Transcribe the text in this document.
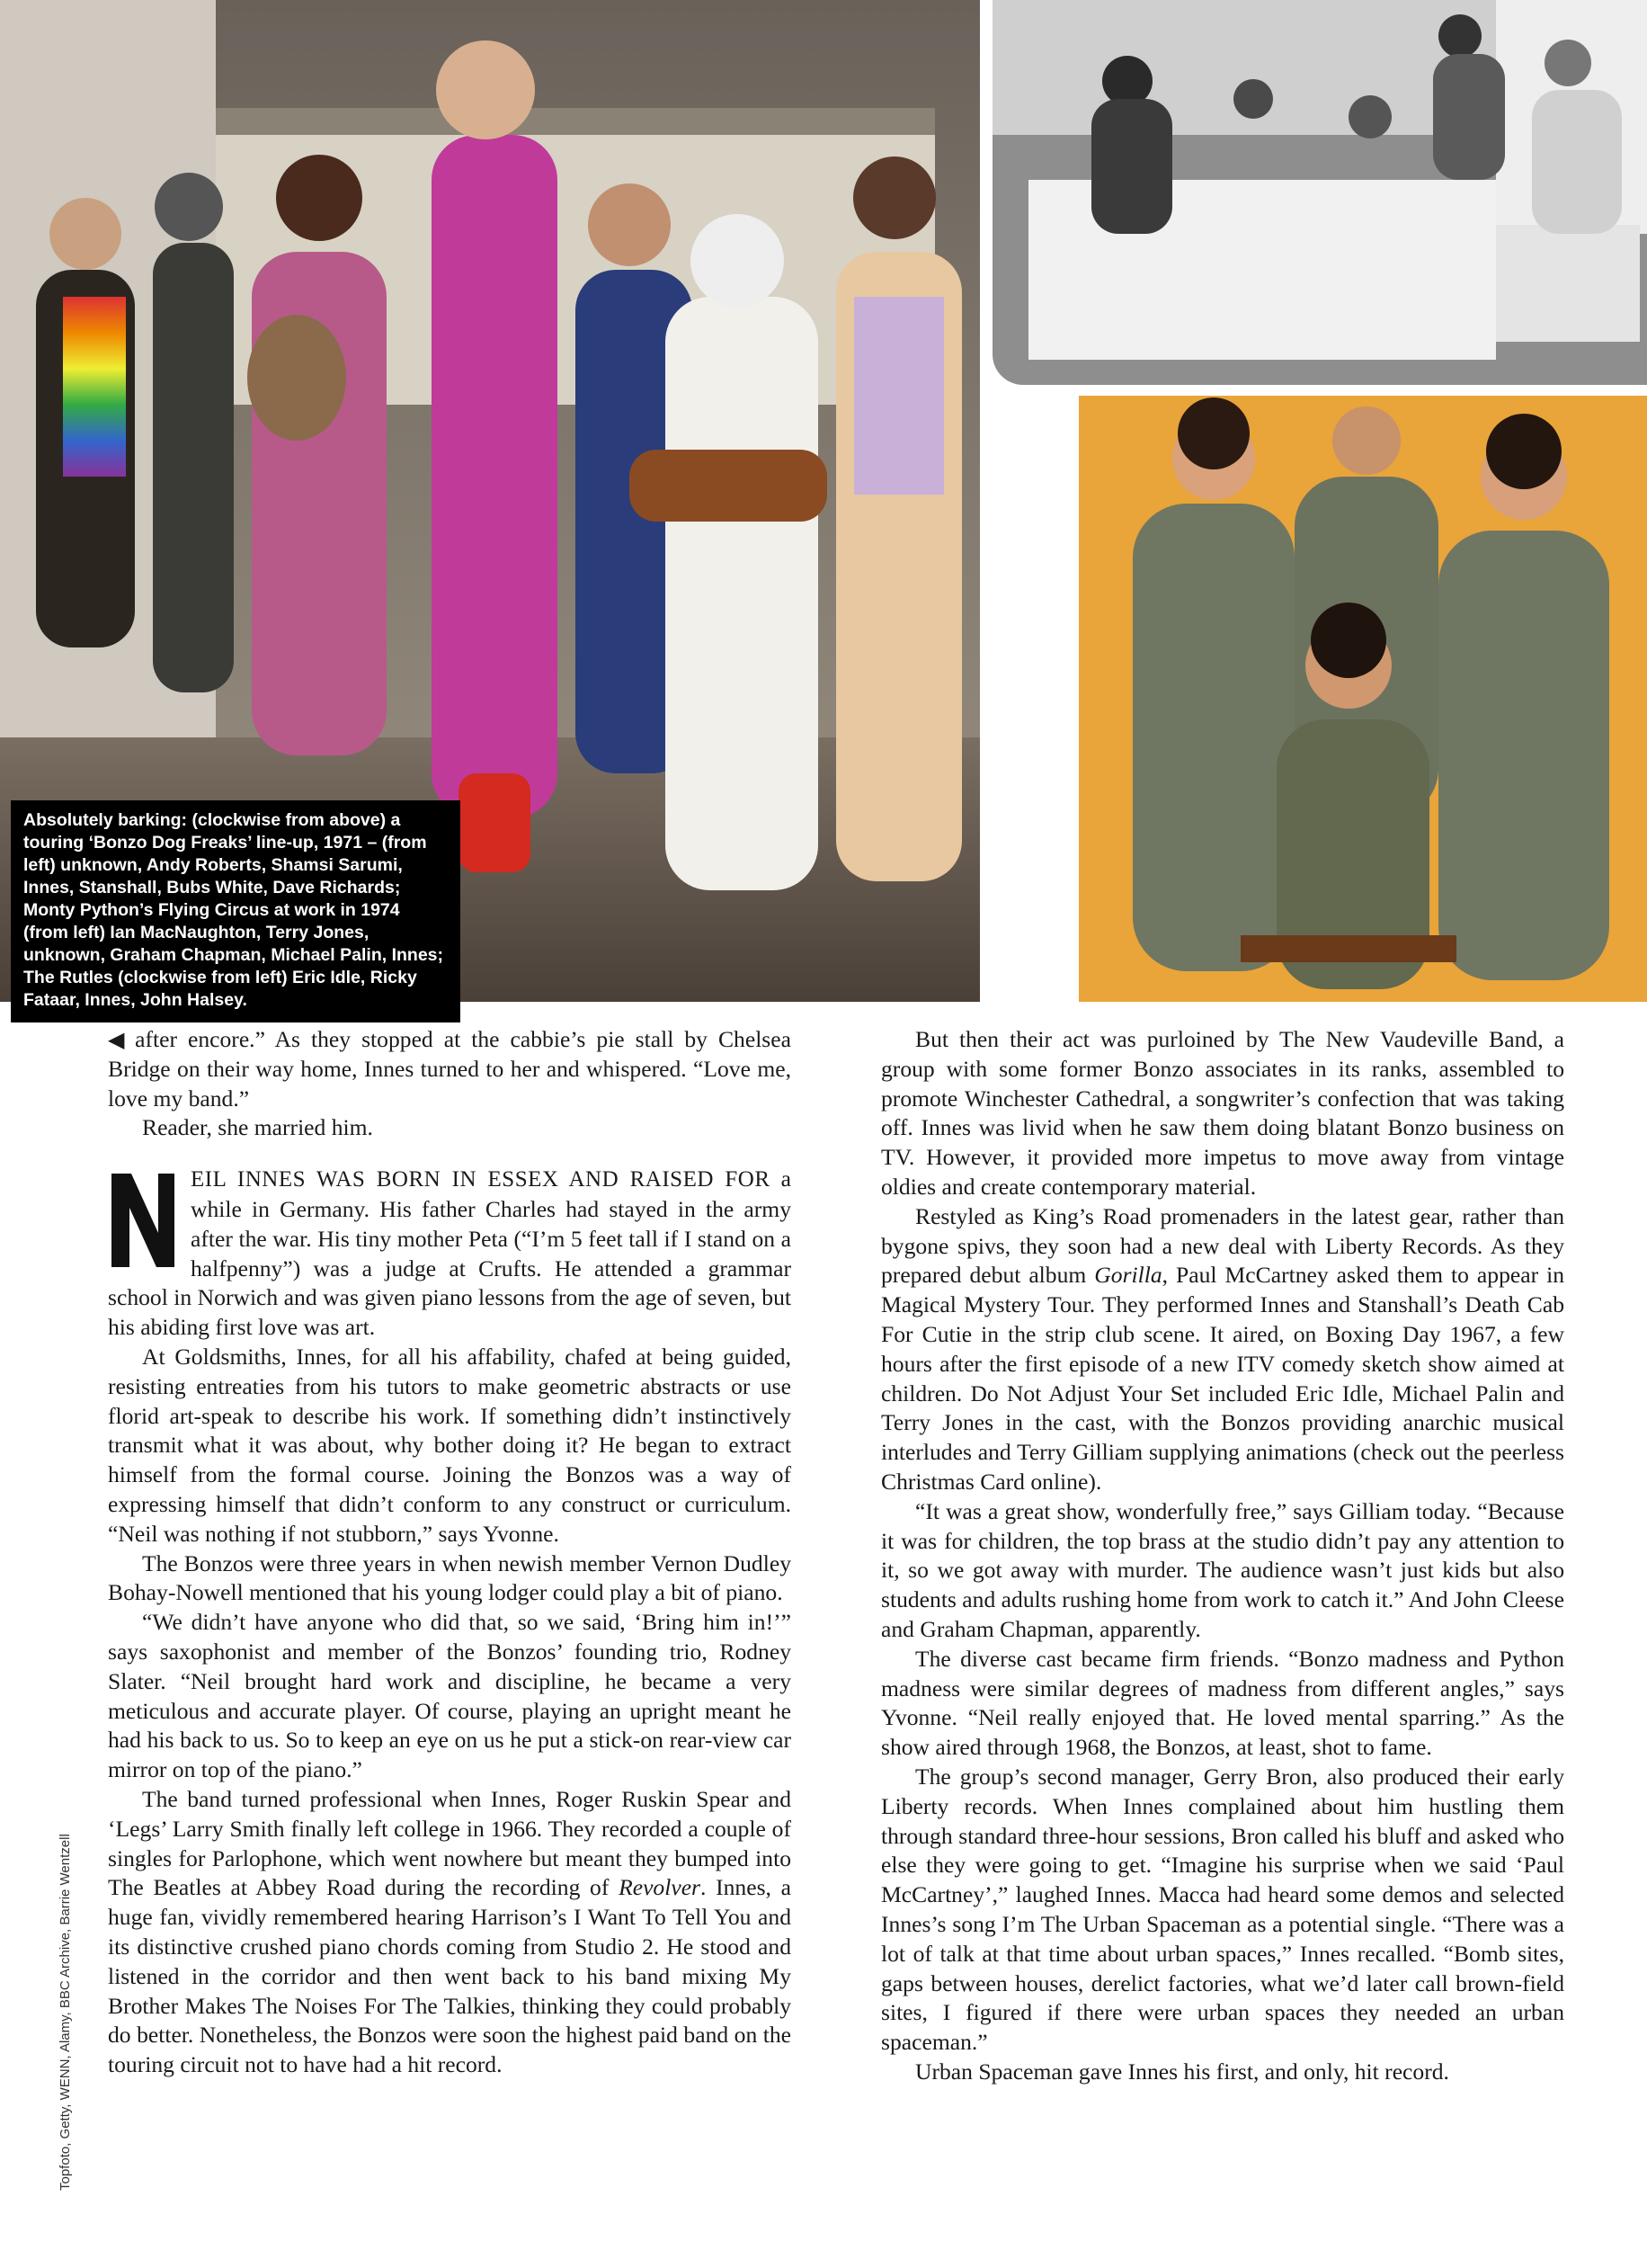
Absolutely barking: (clockwise from above) a touring ‘Bonzo Dog Freaks’ line-up, 1971 – (from left) unknown, Andy Roberts, Shamsi Sarumi, Innes, Stanshall, Bubs White, Dave Richards; Monty Python’s Flying Circus at work in 1974 (from left) Ian MacNaughton, Terry Jones, unknown, Graham Chapman, Michael Palin, Innes; The Rutles (clockwise from left) Eric Idle, Ricky Fataar, Innes, John Halsey.

◀ after encore.” As they stopped at the cabbie’s pie stall by Chelsea Bridge on their way home, Innes turned to her and whispered. “Love me, love my band.”

Reader, she married him.

EIL INNES WAS BORN IN ESSEX AND RAISED FOR a while in Germany. His father Charles had stayed in the army after the war. His tiny mother Peta (“I’m 5 feet tall if I stand on a halfpenny”) was a judge at Crufts. He attended a grammar school in Norwich and was given piano lessons from the age of seven, but his abiding first love was art.

At Goldsmiths, Innes, for all his affability, chafed at being guided, resisting entreaties from his tutors to make geometric abstracts or use florid art-speak to describe his work. If something didn’t instinctively transmit what it was about, why bother doing it? He began to extract himself from the formal course. Joining the Bonzos was a way of expressing himself that didn’t conform to any construct or curriculum. “Neil was nothing if not stubborn,” says Yvonne.

The Bonzos were three years in when newish member Vernon Dudley Bohay-Nowell mentioned that his young lodger could play a bit of piano.

“We didn’t have anyone who did that, so we said, ‘Bring him in!’” says saxophonist and member of the Bonzos’ founding trio, Rodney Slater. “Neil brought hard work and discipline, he became a very meticulous and accurate player. Of course, playing an upright meant he had his back to us. So to keep an eye on us he put a stick-on rear-view car mirror on top of the piano.”

The band turned professional when Innes, Roger Ruskin Spear and ‘Legs’ Larry Smith finally left college in 1966. They recorded a couple of singles for Parlophone, which went nowhere but meant they bumped into The Beatles at Abbey Road during the recording of Revolver. Innes, a huge fan, vividly remembered hearing Harrison’s I Want To Tell You and its distinctive crushed piano chords coming from Studio 2. He stood and listened in the corridor and then went back to his band mixing My Brother Makes The Noises For The Talkies, thinking they could probably do better. Nonetheless, the Bonzos were soon the highest paid band on the touring circuit not to have had a hit record.

But then their act was purloined by The New Vaudeville Band, a group with some former Bonzo associates in its ranks, assembled to promote Winchester Cathedral, a songwriter’s confection that was taking off. Innes was livid when he saw them doing blatant Bonzo business on TV. However, it provided more impetus to move away from vintage oldies and create contemporary material.

Restyled as King’s Road promenaders in the latest gear, rather than bygone spivs, they soon had a new deal with Liberty Records. As they prepared debut album Gorilla, Paul McCartney asked them to appear in Magical Mystery Tour. They performed Innes and Stanshall’s Death Cab For Cutie in the strip club scene. It aired, on Boxing Day 1967, a few hours after the first episode of a new ITV comedy sketch show aimed at children. Do Not Adjust Your Set included Eric Idle, Michael Palin and Terry Jones in the cast, with the Bonzos providing anarchic musical interludes and Terry Gilliam supplying animations (check out the peerless Christmas Card online).

“It was a great show, wonderfully free,” says Gilliam today. “Because it was for children, the top brass at the studio didn’t pay any attention to it, so we got away with murder. The audience wasn’t just kids but also students and adults rushing home from work to catch it.” And John Cleese and Graham Chapman, apparently.

The diverse cast became firm friends. “Bonzo madness and Python madness were similar degrees of madness from different angles,” says Yvonne. “Neil really enjoyed that. He loved mental sparring.” As the show aired through 1968, the Bonzos, at least, shot to fame.

The group’s second manager, Gerry Bron, also produced their early Liberty records. When Innes complained about him hustling them through standard three-hour sessions, Bron called his bluff and asked who else they were going to get. “Imagine his surprise when we said ‘Paul McCartney’,” laughed Innes. Macca had heard some demos and selected Innes’s song I’m The Urban Spaceman as a potential single. “There was a lot of talk at that time about urban spaces,” Innes recalled. “Bomb sites, gaps between houses, derelict factories, what we’d later call brown-field sites, I figured if there were urban spaces they needed an urban spaceman.”

Urban Spaceman gave Innes his first, and only, hit record.

Topfoto, Getty, WENN, Alamy, BBC Archive, Barrie Wentzell
